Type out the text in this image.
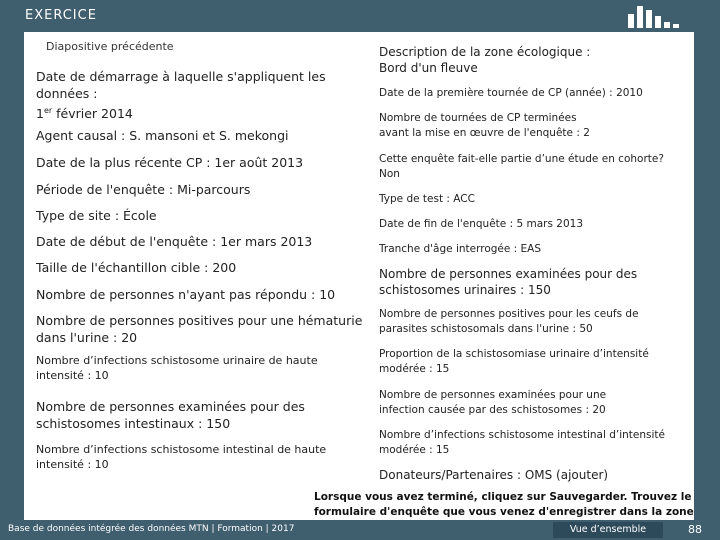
EXERCICE
Diapositive précédente
Date de démarrage à laquelle s'appliquent les données :
1er février 2014
Agent causal : S. mansoni et S. mekongi
Date de la plus récente CP : 1er août 2013
Période de l'enquête : Mi-parcours
Type de site : École
Date de début de l'enquête : 1er mars 2013
Taille de l'échantillon cible : 200
Nombre de personnes n'ayant pas répondu : 10
Nombre de personnes positives pour une hématurie dans l'urine : 20
Nombre d’infections schistosome urinaire de haute intensité : 10
Nombre de personnes examinées pour des schistosomes intestinaux : 150
Nombre d’infections schistosome intestinal de haute intensité : 10
Description de la zone écologique :
Bord d'un fleuve
Date de la première tournée de CP (année) : 2010
Nombre de tournées de CP terminées avant la mise en œuvre de l'enquête : 2
Cette enquête fait-elle partie d’une étude en cohorte?
Non
Type de test : ACC
Date de fin de l'enquête : 5 mars 2013
Tranche d'âge interrogée : EAS
Nombre de personnes examinées pour des schistosomes urinaires : 150
Nombre de personnes positives pour les ceufs de parasites schistosomals dans l'urine : 50
Proportion de la schistosomiase urinaire d’intensité modérée : 15
Nombre de personnes examinées pour une infection causée par des schistosomes : 20
Nombre d’infections schistosome intestinal d’intensité modérée : 15
Donateurs/Partenaires : OMS (ajouter)
Lorsque vous avez terminé, cliquez sur Sauvegarder. Trouvez le formulaire d'enquête que vous venez d'enregistrer dans la zone
Base de données intégrée des données MTN | Formation | 2017	Vue d’ensemble	88
